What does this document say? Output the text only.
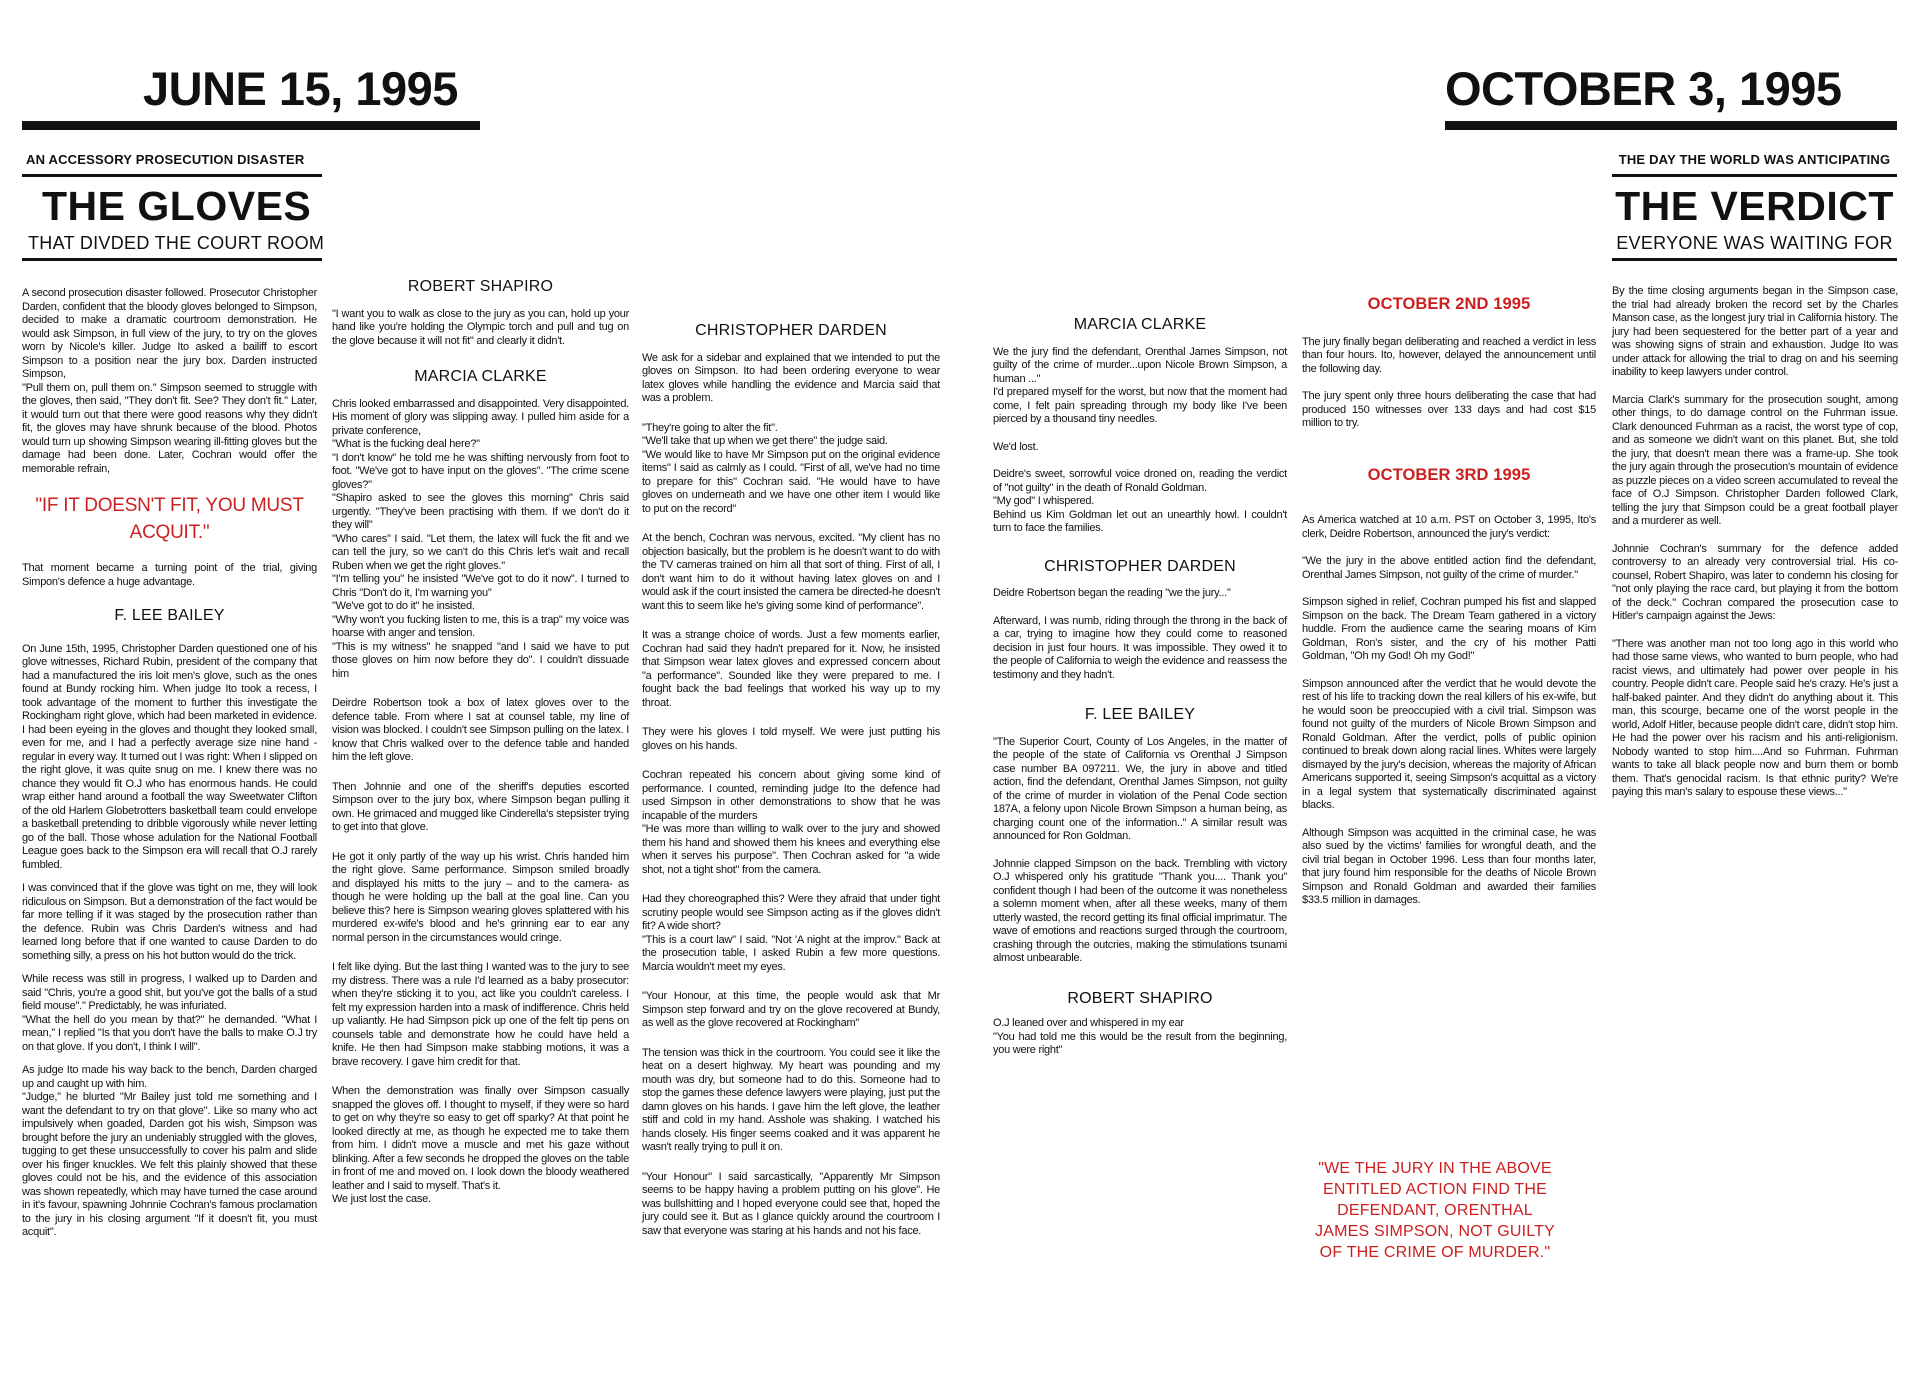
JUNE 15, 1995

AN ACCESSORY PROSECUTION DISASTER

THE GLOVES

THAT DIVDED THE COURT ROOM

OCTOBER 3, 1995

THE DAY THE WORLD WAS ANTICIPATING

THE VERDICT

EVERYONE WAS WAITING FOR

A second prosecution disaster followed. Prosecutor Christopher Darden, confident that the bloody gloves belonged to Simpson, decided to make a dramatic courtroom demonstration. He would ask Simpson, in full view of the jury, to try on the gloves worn by Nicole's killer. Judge Ito asked a bailiff to escort Simpson to a position near the jury box. Darden instructed Simpson,

"Pull them on, pull them on." Simpson seemed to struggle with the gloves, then said, "They don't fit. See? They don't fit." Later, it would turn out that there were good reasons why they didn't fit, the gloves may have shrunk because of the blood. Photos would turn up showing Simpson wearing ill-fitting gloves but the damage had been done. Later, Cochran would offer the memorable refrain,

"IF IT DOESN'T FIT, YOU MUST ACQUIT."

That moment became a turning point of the trial, giving Simpon's defence a huge advantage.

F. LEE BAILEY

On June 15th, 1995, Christopher Darden questioned one of his glove witnesses, Richard Rubin, president of the company that had a manufactured the iris loit men's glove, such as the ones found at Bundy rocking him. When judge Ito took a recess, I took advantage of the moment to further this investigate the Rockingham right glove, which had been marketed in evidence. I had been eyeing in the gloves and thought they looked small, even for me, and I had a perfectly average size nine hand - regular in every way. It turned out I was right: When I slipped on the right glove, it was quite snug on me. I knew there was no chance they would fit O.J who has enormous hands. He could wrap either hand around a football the way Sweetwater Clifton of the old Harlem Globetrotters basketball team could envelope a basketball pretending to dribble vigorously while never letting go of the ball. Those whose adulation for the National Football League goes back to the Simpson era will recall that O.J rarely fumbled.

I was convinced that if the glove was tight on me, they will look ridiculous on Simpson. But a demonstration of the fact would be far more telling if it was staged by the prosecution rather than the defence. Rubin was Chris Darden's witness and had learned long before that if one wanted to cause Darden to do something silly, a press on his hot button would do the trick.

While recess was still in progress, I walked up to Darden and said "Chris, you're a good shit, but you've got the balls of a stud field mouse"." Predictably, he was infuriated.
"What the hell do you mean by that?" he demanded. "What I mean," I replied "Is that you don't have the balls to make O.J try on that glove. If you don't, I think I will".

As judge Ito made his way back to the bench, Darden charged up and caught up with him.
"Judge," he blurted "Mr Bailey just told me something and I want the defendant to try on that glove". Like so many who act impulsively when goaded, Darden got his wish, Simpson was brought before the jury an undeniably struggled with the gloves, tugging to get these unsuccessfully to cover his palm and slide over his finger knuckles. We felt this plainly showed that these gloves could not be his, and the evidence of this association was shown repeatedly, which may have turned the case around in it's favour, spawning Johnnie Cochran's famous proclamation to the jury in his closing argument "If it doesn't fit, you must acquit".

ROBERT SHAPIRO

"I want you to walk as close to the jury as you can, hold up your hand like you're holding the Olympic torch and pull and tug on the glove because it will not fit" and clearly it didn't.

MARCIA CLARKE

Chris looked embarrassed and disappointed. Very disappointed. His moment of glory was slipping away. I pulled him aside for a private conference,
"What is the fucking deal here?"
"I don't know" he told me he was shifting nervously from foot to foot. "We've got to have input on the gloves". "The crime scene gloves?"
"Shapiro asked to see the gloves this morning" Chris said urgently. "They've been practising with them. If we don't do it they will"
"Who cares" I said. "Let them, the latex will fuck the fit and we can tell the jury, so we can't do this Chris let's wait and recall Ruben when we get the right gloves."
"I'm telling you" he insisted "We've got to do it now". I turned to Chris "Don't do it, I'm warning you"
"We've got to do it" he insisted.
"Why won't you fucking listen to me, this is a trap" my voice was hoarse with anger and tension.
"This is my witness" he snapped "and I said we have to put those gloves on him now before they do". I couldn't dissuade him

Deirdre Robertson took a box of latex gloves over to the defence table. From where I sat at counsel table, my line of vision was blocked. I couldn't see Simpson pulling on the latex. I know that Chris walked over to the defence table and handed him the left glove.

Then Johnnie and one of the sheriff's deputies escorted Simpson over to the jury box, where Simpson began pulling it own. He grimaced and mugged like Cinderella's stepsister trying to get into that glove.

He got it only partly of the way up his wrist. Chris handed him the right glove. Same performance. Simpson smiled broadly and displayed his mitts to the jury – and to the camera- as though he were holding up the ball at the goal line. Can you believe this? here is Simpson wearing gloves splattered with his murdered ex-wife's blood and he's grinning ear to ear any normal person in the circumstances would cringe.

I felt like dying. But the last thing I wanted was to the jury to see my distress. There was a rule I'd learned as a baby prosecutor: when they're sticking it to you, act like you couldn't careless. I felt my expression harden into a mask of indifference. Chris held up valiantly. He had Simpson pick up one of the felt tip pens on counsels table and demonstrate how he could have held a knife. He then had Simpson make stabbing motions, it was a brave recovery. I gave him credit for that.

When the demonstration was finally over Simpson casually snapped the gloves off. I thought to myself, if they were so hard to get on why they're so easy to get off sparky? At that point he looked directly at me, as though he expected me to take them from him. I didn't move a muscle and met his gaze without blinking. After a few seconds he dropped the gloves on the table in front of me and moved on. I look down the bloody weathered leather and I said to myself. That's it.
We just lost the case.

CHRISTOPHER DARDEN

We ask for a sidebar and explained that we intended to put the gloves on Simpson. Ito had been ordering everyone to wear latex gloves while handling the evidence and Marcia said that was a problem.

"They're going to alter the fit".
"We'll take that up when we get there" the judge said.
"We would like to have Mr Simpson put on the original evidence items" I said as calmly as I could. "First of all, we've had no time to prepare for this" Cochran said. "He would have to have gloves on underneath and we have one other item I would like to put on the record"

At the bench, Cochran was nervous, excited. "My client has no objection basically, but the problem is he doesn't want to do with the TV cameras trained on him all that sort of thing. First of all, I don't want him to do it without having latex gloves on and I would ask if the court insisted the camera be directed-he doesn't want this to seem like he's giving some kind of performance".

It was a strange choice of words. Just a few moments earlier, Cochran had said they hadn't prepared for it. Now, he insisted that Simpson wear latex gloves and expressed concern about "a performance". Sounded like they were prepared to me. I fought back the bad feelings that worked his way up to my throat.

They were his gloves I told myself. We were just putting his gloves on his hands.

Cochran repeated his concern about giving some kind of performance. I counted, reminding judge Ito the defence had used Simpson in other demonstrations to show that he was incapable of the murders
"He was more than willing to walk over to the jury and showed them his hand and showed them his knees and everything else when it serves his purpose". Then Cochran asked for "a wide shot, not a tight shot" from the camera.

Had they choreographed this? Were they afraid that under tight scrutiny people would see Simpson acting as if the gloves didn't fit? A wide short?
"This is a court law" I said. "Not 'A night at the improv." Back at the prosecution table, I asked Rubin a few more questions. Marcia wouldn't meet my eyes.

"Your Honour, at this time, the people would ask that Mr Simpson step forward and try on the glove recovered at Bundy, as well as the glove recovered at Rockingham"

The tension was thick in the courtroom. You could see it like the heat on a desert highway. My heart was pounding and my mouth was dry, but someone had to do this. Someone had to stop the games these defence lawyers were playing, just put the damn gloves on his hands. I gave him the left glove, the leather stiff and cold in my hand. Asshole was shaking. I watched his hands closely. His finger seems coaked and it was apparent he wasn't really trying to pull it on.

"Your Honour" I said sarcastically, "Apparently Mr Simpson seems to be happy having a problem putting on his glove". He was bullshitting and I hoped everyone could see that, hoped the jury could see it. But as I glance quickly around the courtroom I saw that everyone was staring at his hands and not his face.

MARCIA CLARKE

We the jury find the defendant, Orenthal James Simpson, not guilty of the crime of murder...upon Nicole Brown Simpson, a human ..."
I'd prepared myself for the worst, but now that the moment had come, I felt pain spreading through my body like I've been pierced by a thousand tiny needles.

We'd lost.

Deidre's sweet, sorrowful voice droned on, reading the verdict of "not guilty" in the death of Ronald Goldman.
"My god" I whispered.
Behind us Kim Goldman let out an unearthly howl. I couldn't turn to face the families.

CHRISTOPHER DARDEN

Deidre Robertson began the reading "we the jury..."

Afterward, I was numb, riding through the throng in the back of a car, trying to imagine how they could come to reasoned decision in just four hours. It was impossible. They owed it to the people of California to weigh the evidence and reassess the testimony and they hadn't.

F. LEE BAILEY

"The Superior Court, County of Los Angeles, in the matter of the people of the state of California vs Orenthal J Simpson case number BA 097211. We, the jury in above and titled action, find the defendant, Orenthal James Simpson, not guilty of the crime of murder in violation of the Penal Code section 187A, a felony upon Nicole Brown Simpson a human being, as charging count one of the information.." A similar result was announced for Ron Goldman.

Johnnie clapped Simpson on the back. Trembling with victory O.J whispered only his gratitude "Thank you.... Thank you" confident though I had been of the outcome it was nonetheless a solemn moment when, after all these weeks, many of them utterly wasted, the record getting its final official imprimatur. The wave of emotions and reactions surged through the courtroom, crashing through the outcries, making the stimulations tsunami almost unbearable.

ROBERT SHAPIRO

O.J leaned over and whispered in my ear
"You had told me this would be the result from the beginning, you were right"

OCTOBER 2ND 1995

The jury finally began deliberating and reached a verdict in less than four hours. Ito, however, delayed the announcement until the following day.

The jury spent only three hours deliberating the case that had produced 150 witnesses over 133 days and had cost $15 million to try.

OCTOBER 3RD 1995

As America watched at 10 a.m. PST on October 3, 1995, Ito's clerk, Deidre Robertson, announced the jury's verdict:

"We the jury in the above entitled action find the defendant, Orenthal James Simpson, not guilty of the crime of murder."

Simpson sighed in relief, Cochran pumped his fist and slapped Simpson on the back. The Dream Team gathered in a victory huddle. From the audience came the searing moans of Kim Goldman, Ron's sister, and the cry of his mother Patti Goldman, "Oh my God! Oh my God!"

Simpson announced after the verdict that he would devote the rest of his life to tracking down the real killers of his ex-wife, but he would soon be preoccupied with a civil trial. Simpson was found not guilty of the murders of Nicole Brown Simpson and Ronald Goldman. After the verdict, polls of public opinion continued to break down along racial lines. Whites were largely dismayed by the jury's decision, whereas the majority of African Americans supported it, seeing Simpson's acquittal as a victory in a legal system that systematically discriminated against blacks.

Although Simpson was acquitted in the criminal case, he was also sued by the victims' families for wrongful death, and the civil trial began in October 1996. Less than four months later, that jury found him responsible for the deaths of Nicole Brown Simpson and Ronald Goldman and awarded their families $33.5 million in damages.

"WE THE JURY IN THE ABOVE ENTITLED ACTION FIND THE DEFENDANT, ORENTHAL JAMES SIMPSON, NOT GUILTY OF THE CRIME OF MURDER."

By the time closing arguments began in the Simpson case, the trial had already broken the record set by the Charles Manson case, as the longest jury trial in California history. The jury had been sequestered for the better part of a year and was showing signs of strain and exhaustion. Judge Ito was under attack for allowing the trial to drag on and his seeming inability to keep lawyers under control.

Marcia Clark's summary for the prosecution sought, among other things, to do damage control on the Fuhrman issue. Clark denounced Fuhrman as a racist, the worst type of cop, and as someone we didn't want on this planet. But, she told the jury, that doesn't mean there was a frame-up. She took the jury again through the prosecution's mountain of evidence as puzzle pieces on a video screen accumulated to reveal the face of O.J Simpson. Christopher Darden followed Clark, telling the jury that Simpson could be a great football player and a murderer as well.

Johnnie Cochran's summary for the defence added controversy to an already very controversial trial. His co-counsel, Robert Shapiro, was later to condemn his closing for "not only playing the race card, but playing it from the bottom of the deck." Cochran compared the prosecution case to Hitler's campaign against the Jews:

"There was another man not too long ago in this world who had those same views, who wanted to burn people, who had racist views, and ultimately had power over people in his country. People didn't care. People said he's crazy. He's just a half-baked painter. And they didn't do anything about it. This man, this scourge, became one of the worst people in the world, Adolf Hitler, because people didn't care, didn't stop him. He had the power over his racism and his anti-religionism. Nobody wanted to stop him....And so Fuhrman. Fuhrman wants to take all black people now and burn them or bomb them. That's genocidal racism. Is that ethnic purity? We're paying this man's salary to espouse these views..."
